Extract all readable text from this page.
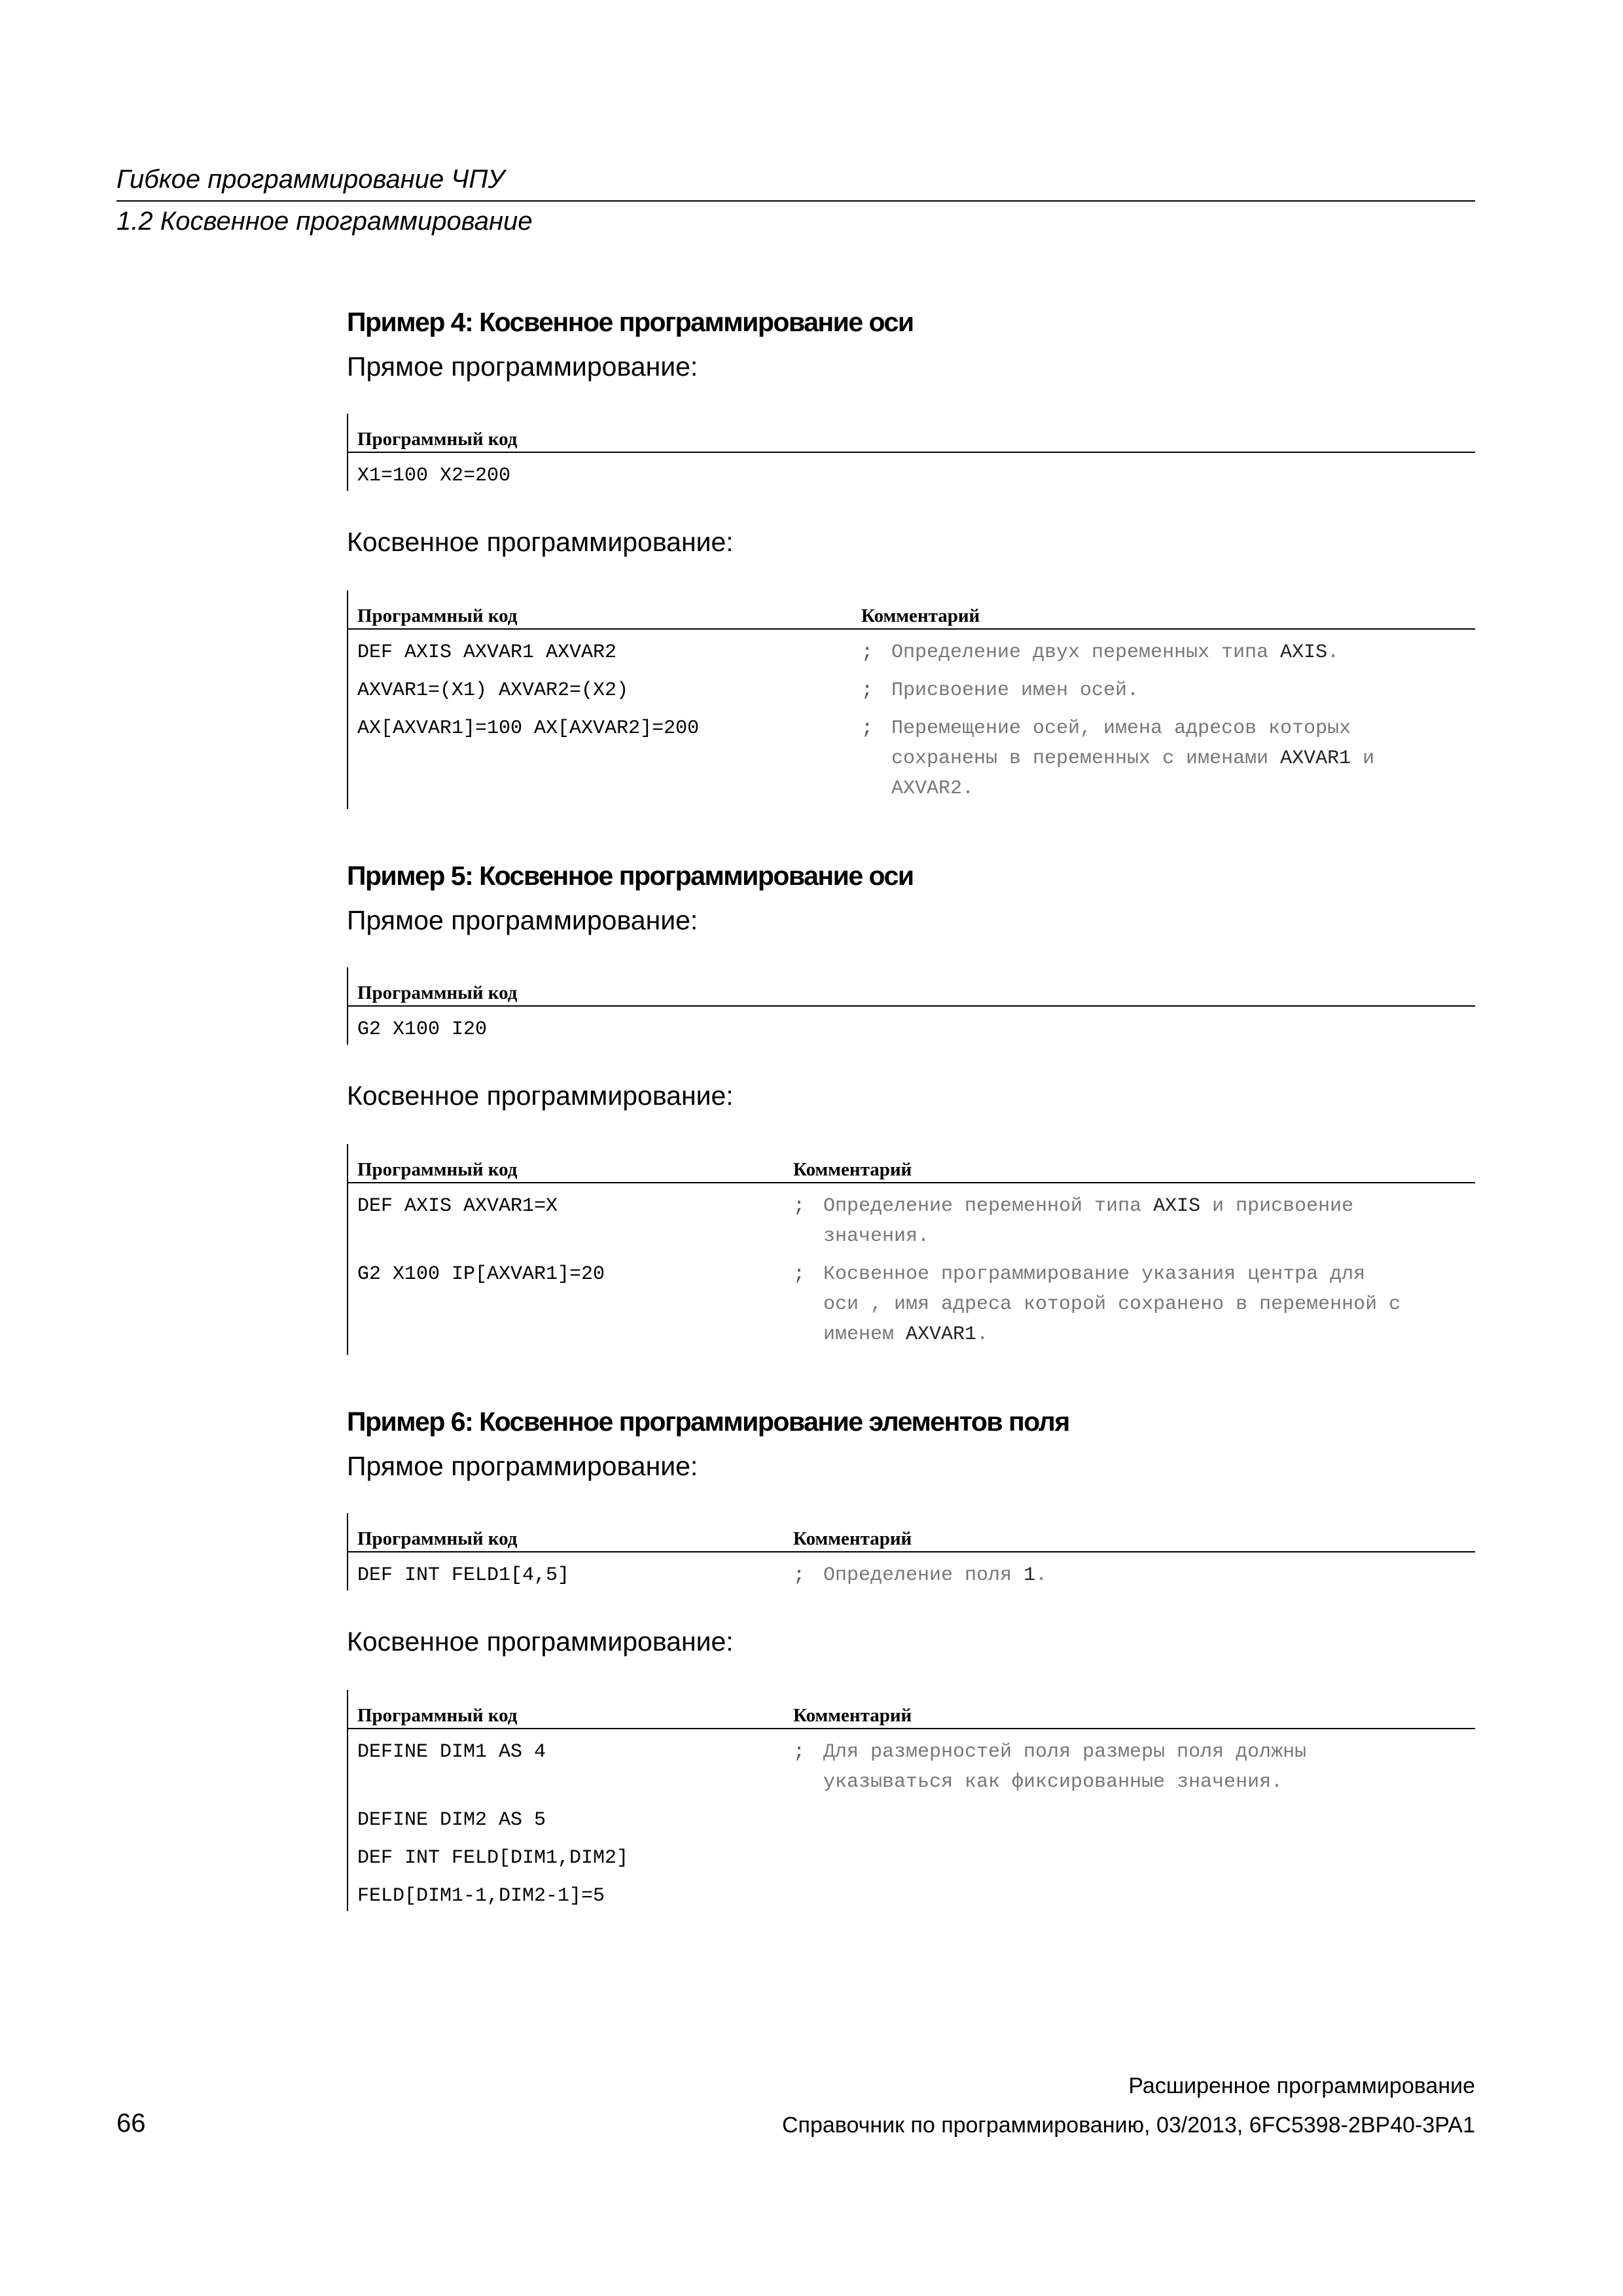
Гибкое программирование ЧПУ
1.2 Косвенное программирование

Пример 4: Косвенное программирование оси

Прямое программирование:

Программный код
X1=100 X2=200

Косвенное программирование:

Программный код	Комментарий
DEF AXIS AXVAR1 AXVAR2	; Определение двух переменных типа AXIS.
AXVAR1=(X1) AXVAR2=(X2)	; Присвоение имен осей.
AX[AXVAR1]=100 AX[AXVAR2]=200	; Перемещение осей, имена адресов которых
сохранены в переменных с именами AXVAR1 и
AXVAR2.

Пример 5: Косвенное программирование оси

Прямое программирование:

Программный код
G2 X100 I20

Косвенное программирование:

Программный код	Комментарий
DEF AXIS AXVAR1=X	; Определение переменной типа AXIS и присвоение
значения.
G2 X100 IP[AXVAR1]=20	; Косвенное программирование указания центра для
оси , имя адреса которой сохранено в переменной с
именем AXVAR1.

Пример 6: Косвенное программирование элементов поля

Прямое программирование:

Программный код	Комментарий
DEF INT FELD1[4,5]	; Определение поля 1.

Косвенное программирование:

Программный код	Комментарий
DEFINE DIM1 AS 4	; Для размерностей поля размеры поля должны
указываться как фиксированные значения.
DEFINE DIM2 AS 5
DEF INT FELD[DIM1,DIM2]
FELD[DIM1-1,DIM2-1]=5
Расширенное программирование
66	Справочник по программированию, 03/2013, 6FC5398-2BP40-3PA1
